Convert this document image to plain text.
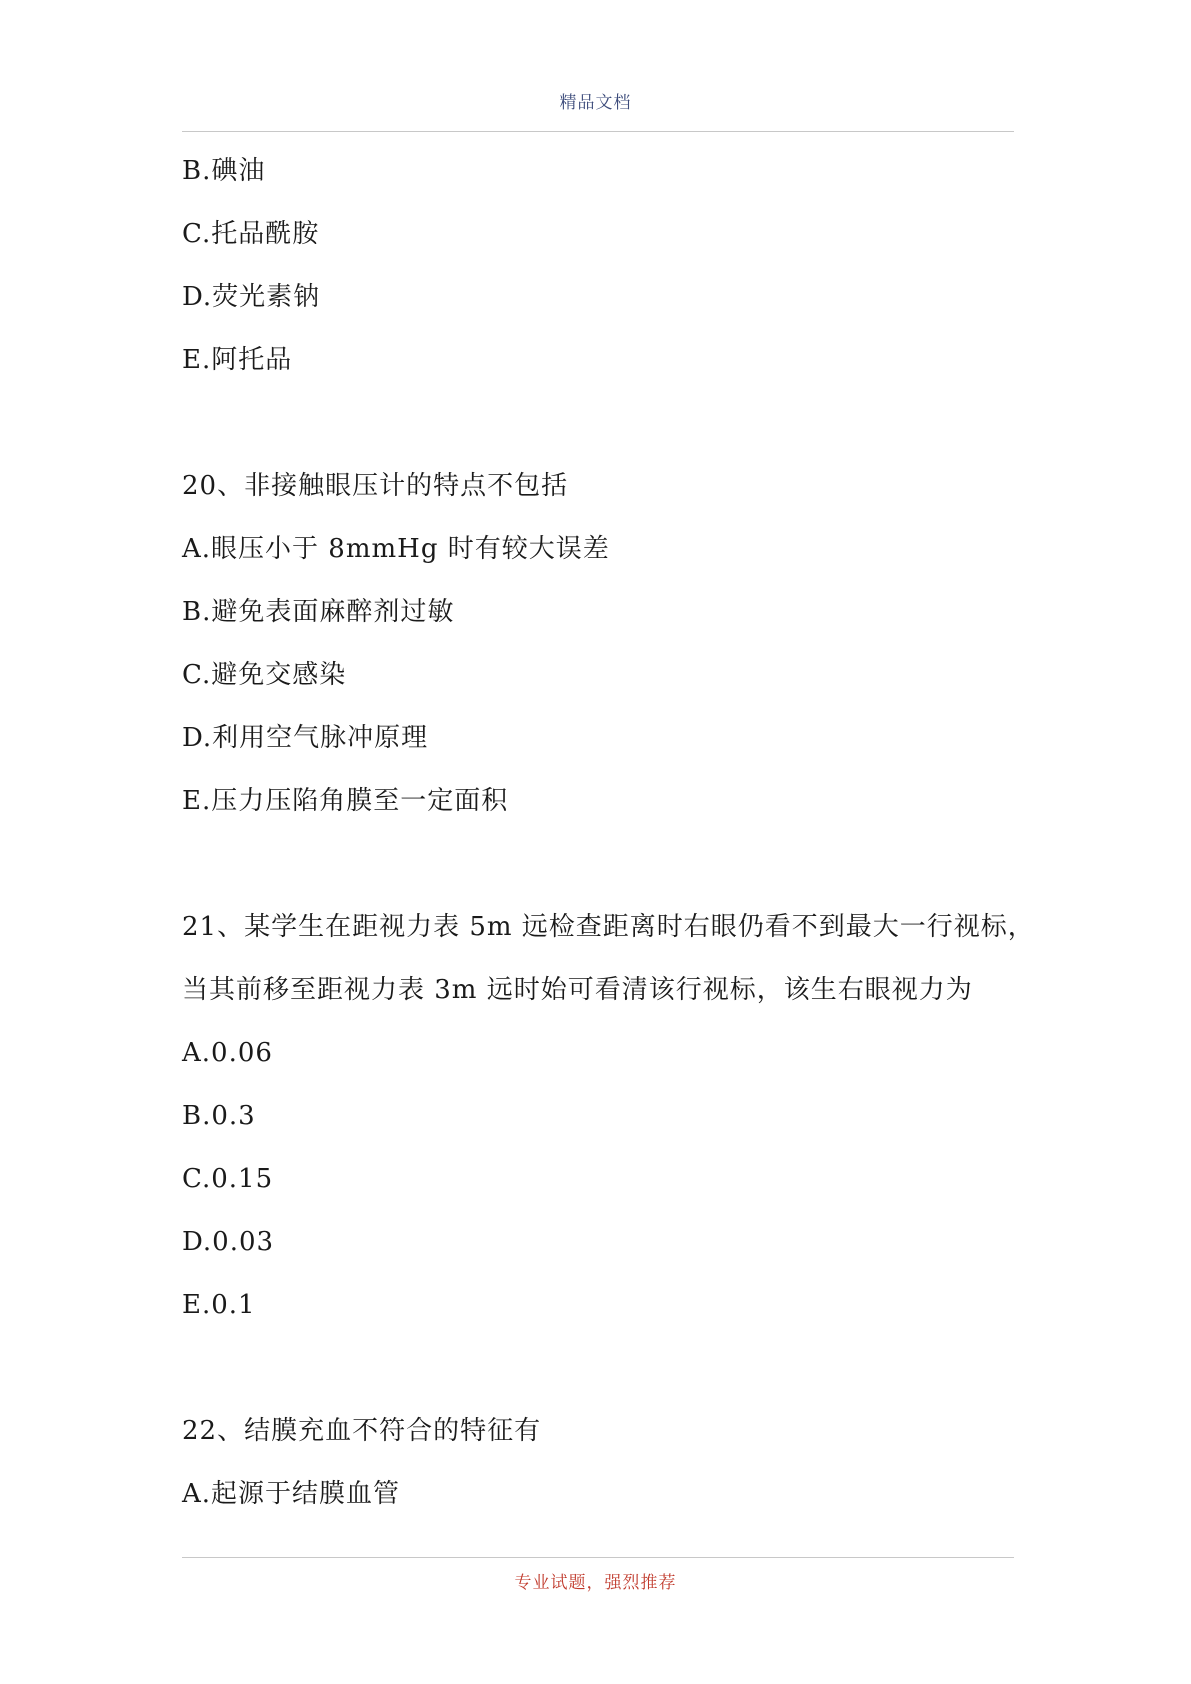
精品文档
B.碘油
C.托品酰胺
D.荧光素钠
E.阿托品
20、非接触眼压计的特点不包括
A.眼压小于 8mmHg 时有较大误差
B.避免表面麻醉剂过敏
C.避免交感染
D.利用空气脉冲原理
E.压力压陷角膜至一定面积
21、某学生在距视力表 5m 远检查距离时右眼仍看不到最大一行视标，
当其前移至距视力表 3m 远时始可看清该行视标，该生右眼视力为
A.0.06
B.0.3
C.0.15
D.0.03
E.0.1
22、结膜充血不符合的特征有
A.起源于结膜血管
专业试题，强烈推荐
